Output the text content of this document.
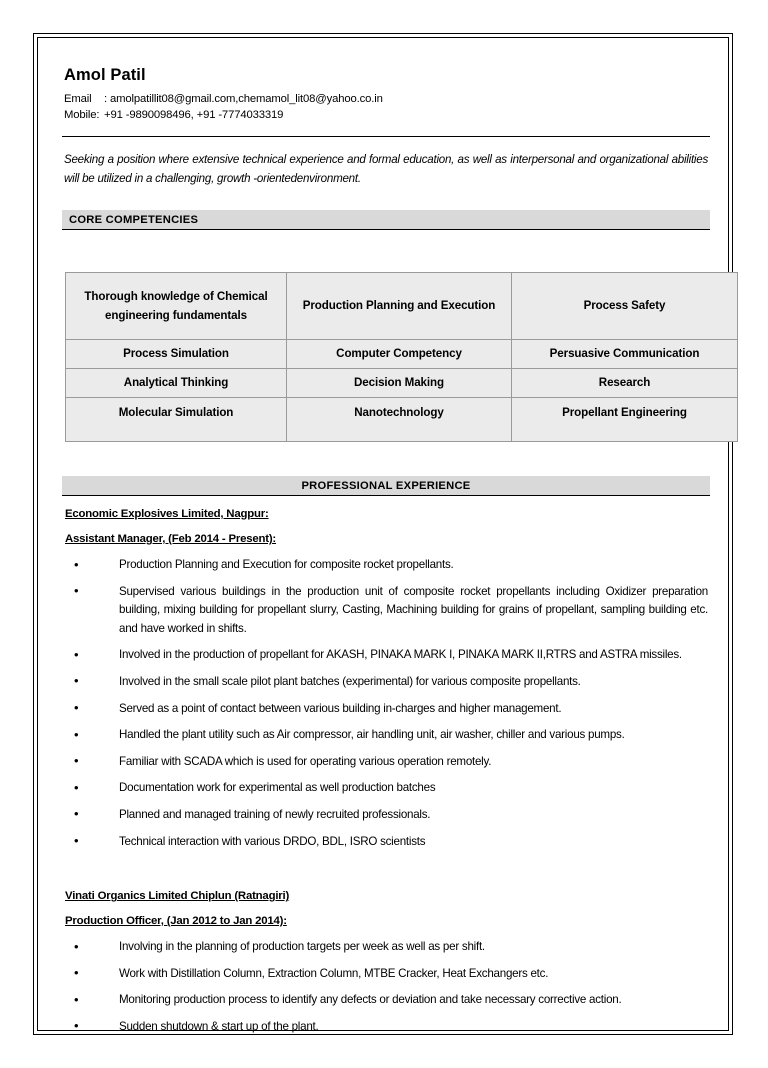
Amol Patil
Email : amolpatillit08@gmail.com,chemamol_lit08@yahoo.co.in
Mobile: +91 -9890098496, +91 -7774033319

Seeking a position where extensive technical experience and formal education, as well as interpersonal and organizational abilities will be utilized in a challenging, growth -orientedenvironment.

CORE COMPETENCIES
Thorough knowledge of Chemical engineering fundamentals	Production Planning and Execution	Process Safety
Process Simulation	Computer Competency	Persuasive Communication
Analytical Thinking	Decision Making	Research
Molecular Simulation	Nanotechnology	Propellant Engineering
PROFESSIONAL EXPERIENCE
Economic Explosives Limited, Nagpur:
Assistant Manager, (Feb 2014 - Present):
• Production Planning and Execution for composite rocket propellants.
• Supervised various buildings in the production unit of composite rocket propellants including Oxidizer preparation building, mixing building for propellant slurry, Casting, Machining building for grains of propellant, sampling building etc. and have worked in shifts.
• Involved in the production of propellant for AKASH, PINAKA MARK I, PINAKA MARK II,RTRS and ASTRA missiles.
• Involved in the small scale pilot plant batches (experimental) for various composite propellants.
• Served as a point of contact between various building in-charges and higher management.
• Handled the plant utility such as Air compressor, air handling unit, air washer, chiller and various pumps.
• Familiar with SCADA which is used for operating various operation remotely.
• Documentation work for experimental as well production batches
• Planned and managed training of newly recruited professionals.
• Technical interaction with various DRDO, BDL, ISRO scientists
Vinati Organics Limited Chiplun (Ratnagiri)
Production Officer, (Jan 2012 to Jan 2014):
• Involving in the planning of production targets per week as well as per shift.
• Work with Distillation Column, Extraction Column, MTBE Cracker, Heat Exchangers etc.
• Monitoring production process to identify any defects or deviation and take necessary corrective action.
• Sudden shutdown & start up of the plant.
